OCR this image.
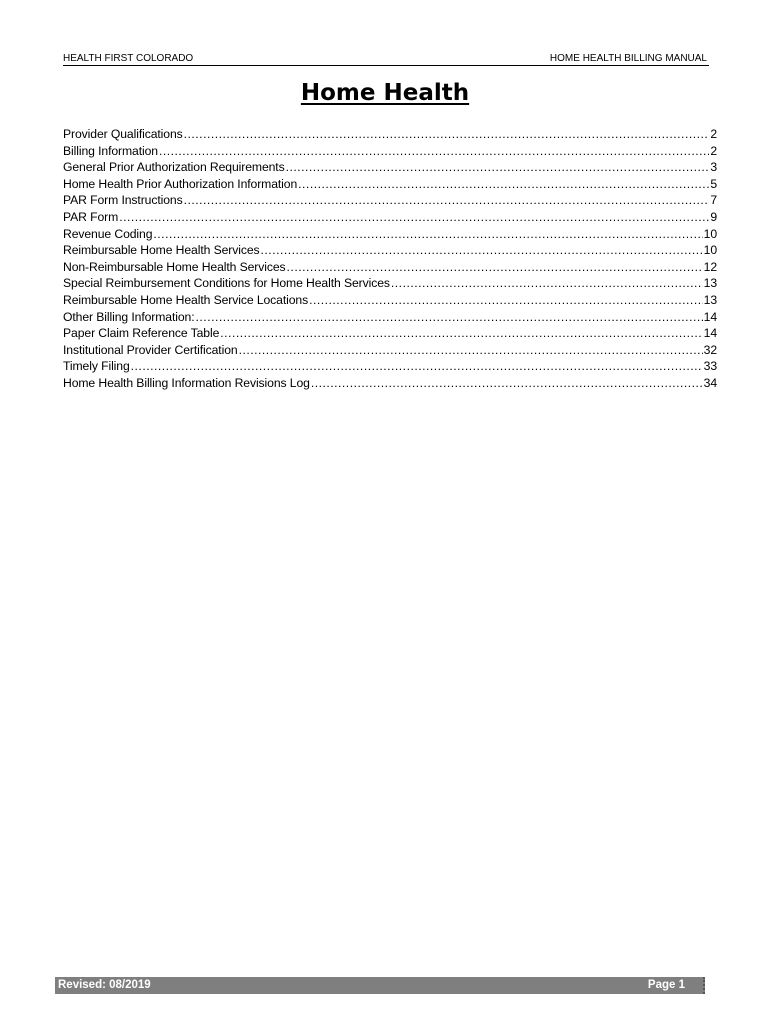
HEALTH FIRST COLORADO	HOME HEALTH BILLING MANUAL
Home Health
Provider Qualifications .....	2
Billing Information .....	2
General Prior Authorization Requirements .....	3
Home Health Prior Authorization Information .....	5
PAR Form Instructions .....	7
PAR Form .....	9
Revenue Coding .....	10
Reimbursable Home Health Services .....	10
Non-Reimbursable Home Health Services .....	12
Special Reimbursement Conditions for Home Health Services .....	13
Reimbursable Home Health Service Locations .....	13
Other Billing Information: .....	14
Paper Claim Reference Table .....	14
Institutional Provider Certification .....	32
Timely Filing .....	33
Home Health Billing Information Revisions Log .....	34
Revised: 08/2019	Page 1
